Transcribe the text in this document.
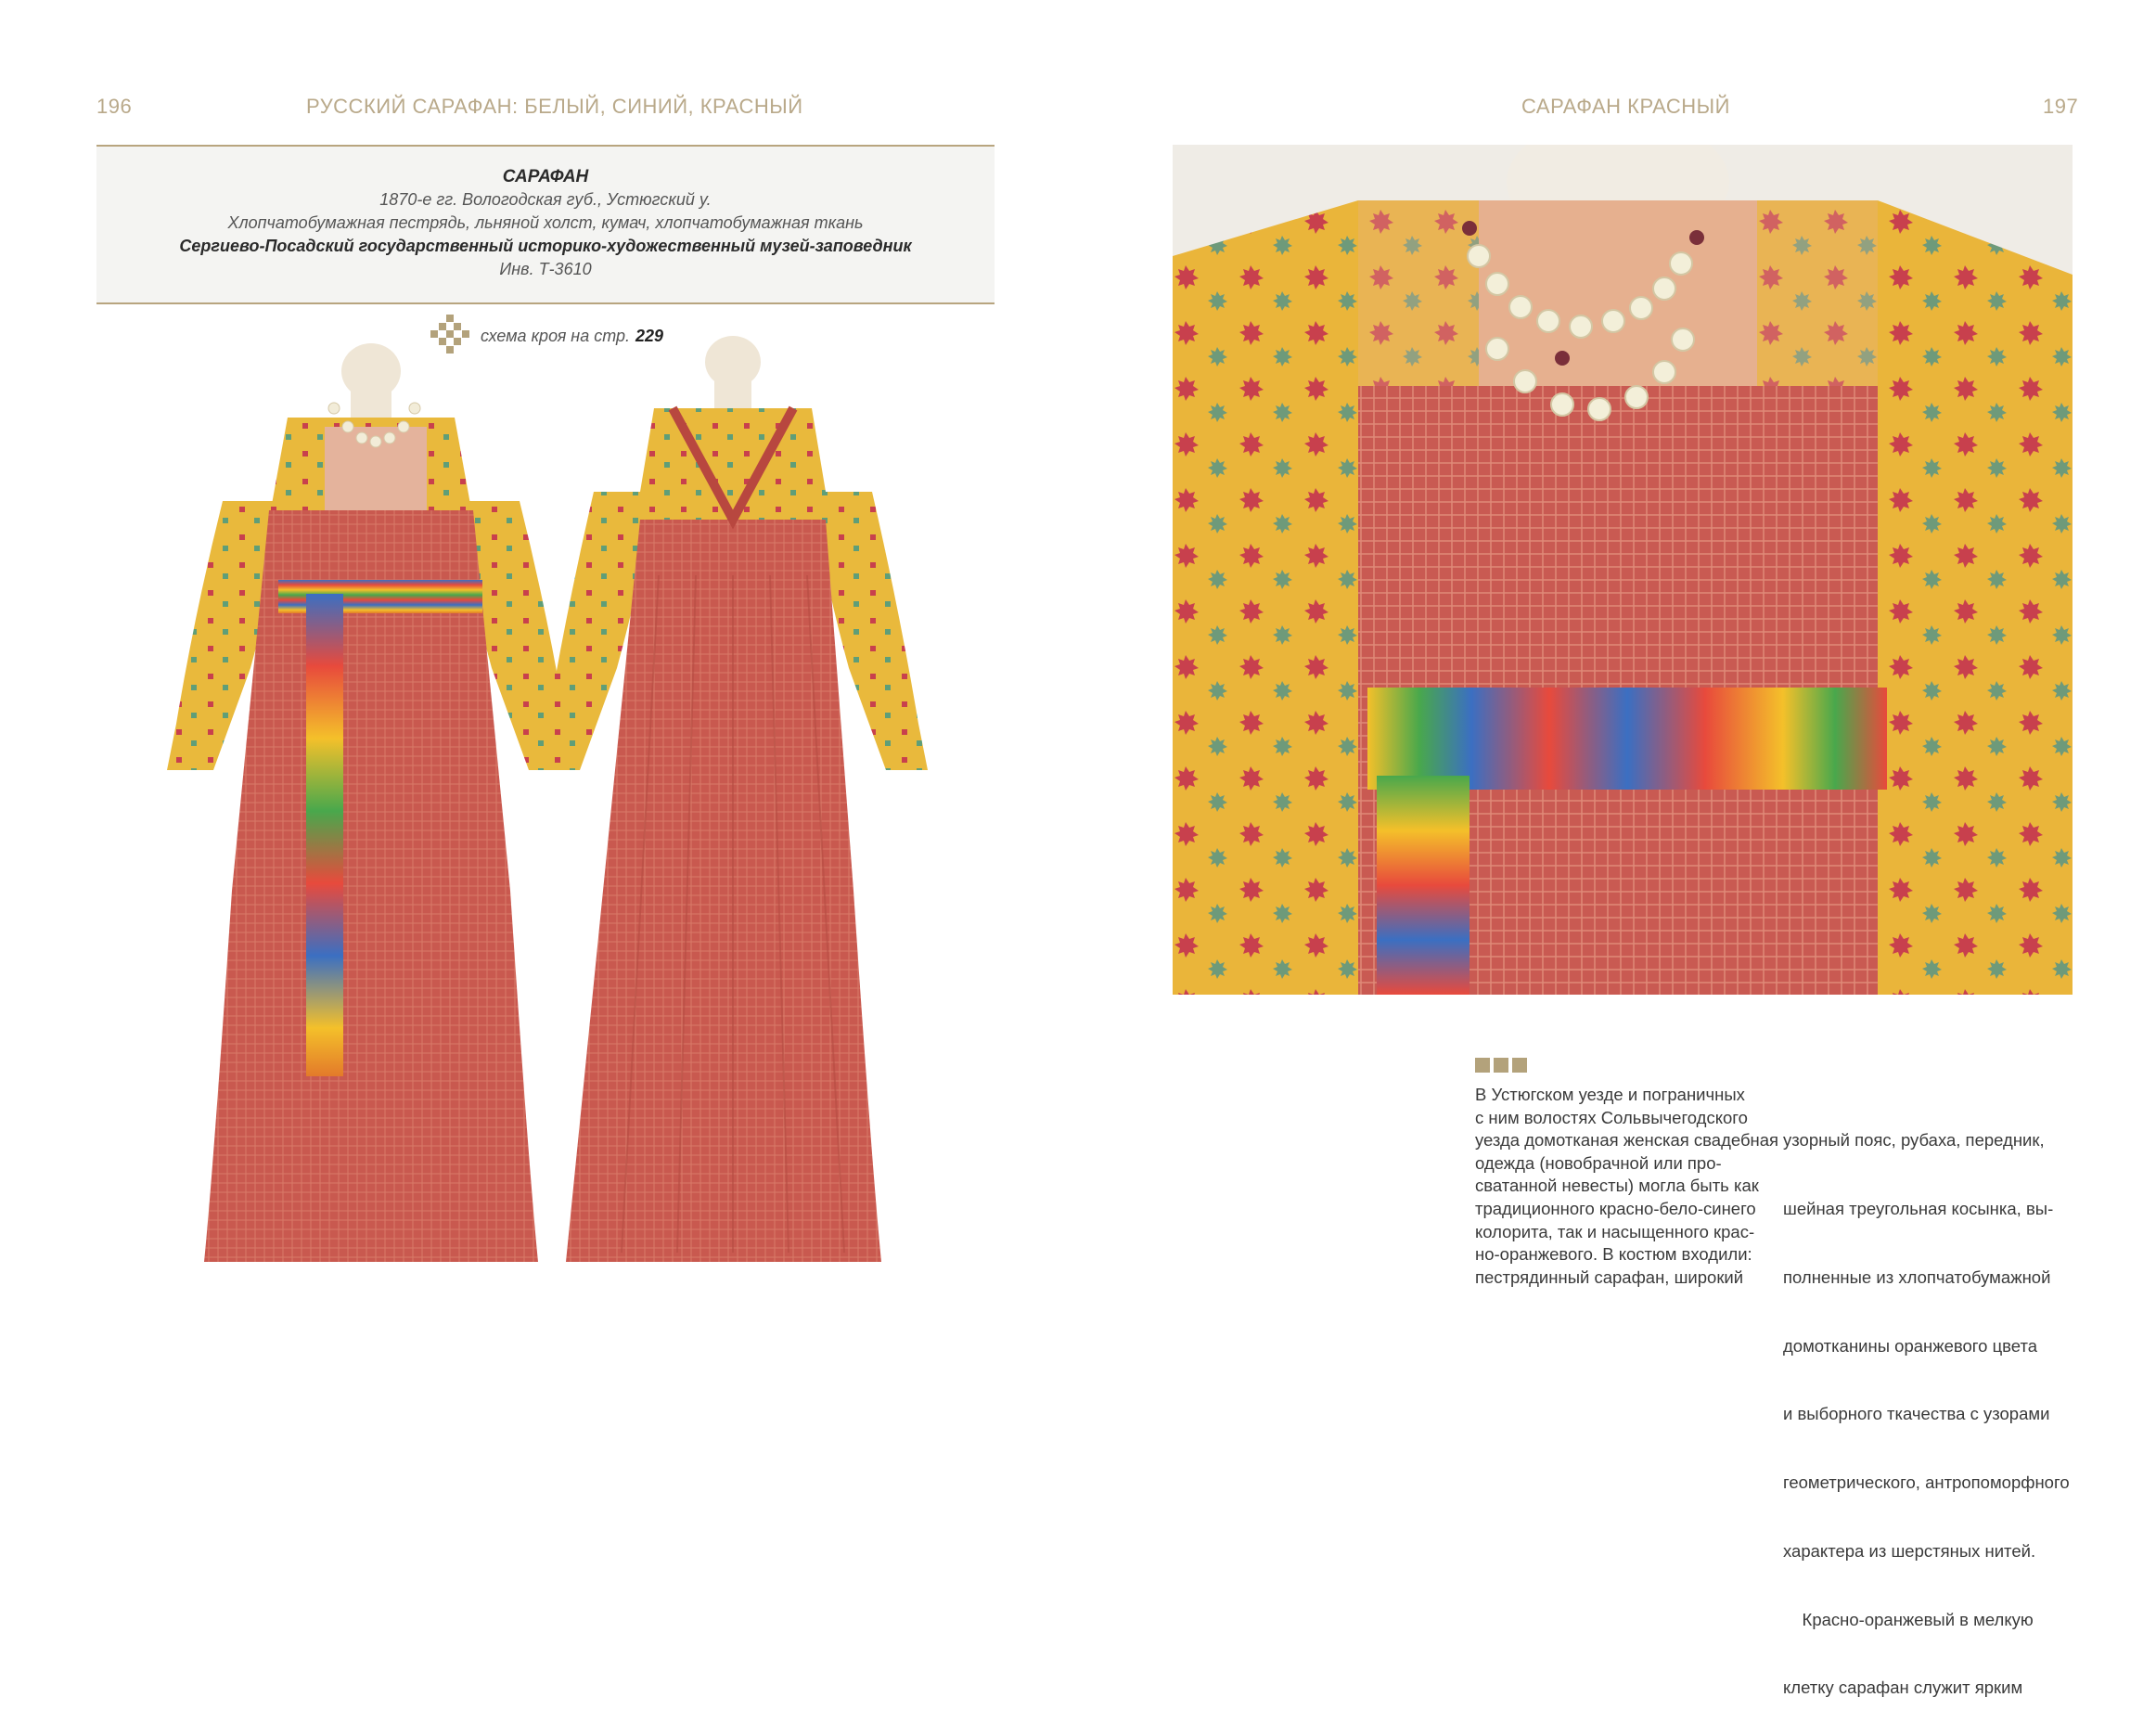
196	РУССКИЙ САРАФАН: БЕЛЫЙ, СИНИЙ, КРАСНЫЙ
САРАФАН
1870-е гг. Вологодская губ., Устюгский у.
Хлопчатобумажная пестрядь, льняной холст, кумач, хлопчатобумажная ткань
Сергиево-Посадский государственный историко-художественный музей-заповедник
Инв. Т-3610
схема кроя на стр. 229
САРАФАН КРАСНЫЙ	197
В Устюгском уезде и пограничных
с ним волостях Сольвычегодского
уезда домотканая женская свадебная
одежда (новобрачной или про-
сватанной невесты) могла быть как
традиционного красно-бело-синего
колорита, так и насыщенного крас-
но-оранжевого. В костюм входили:
пестрядинный сарафан, широкий

узорный пояс, рубаха, передник,

шейная треугольная косынка, вы-

полненные из хлопчатобумажной

домотканины оранжевого цвета

и выборного ткачества с узорами

геометрического, антропоморфного

характера из шерстяных нитей.

Красно-оранжевый в мелкую

клетку сарафан служит ярким
